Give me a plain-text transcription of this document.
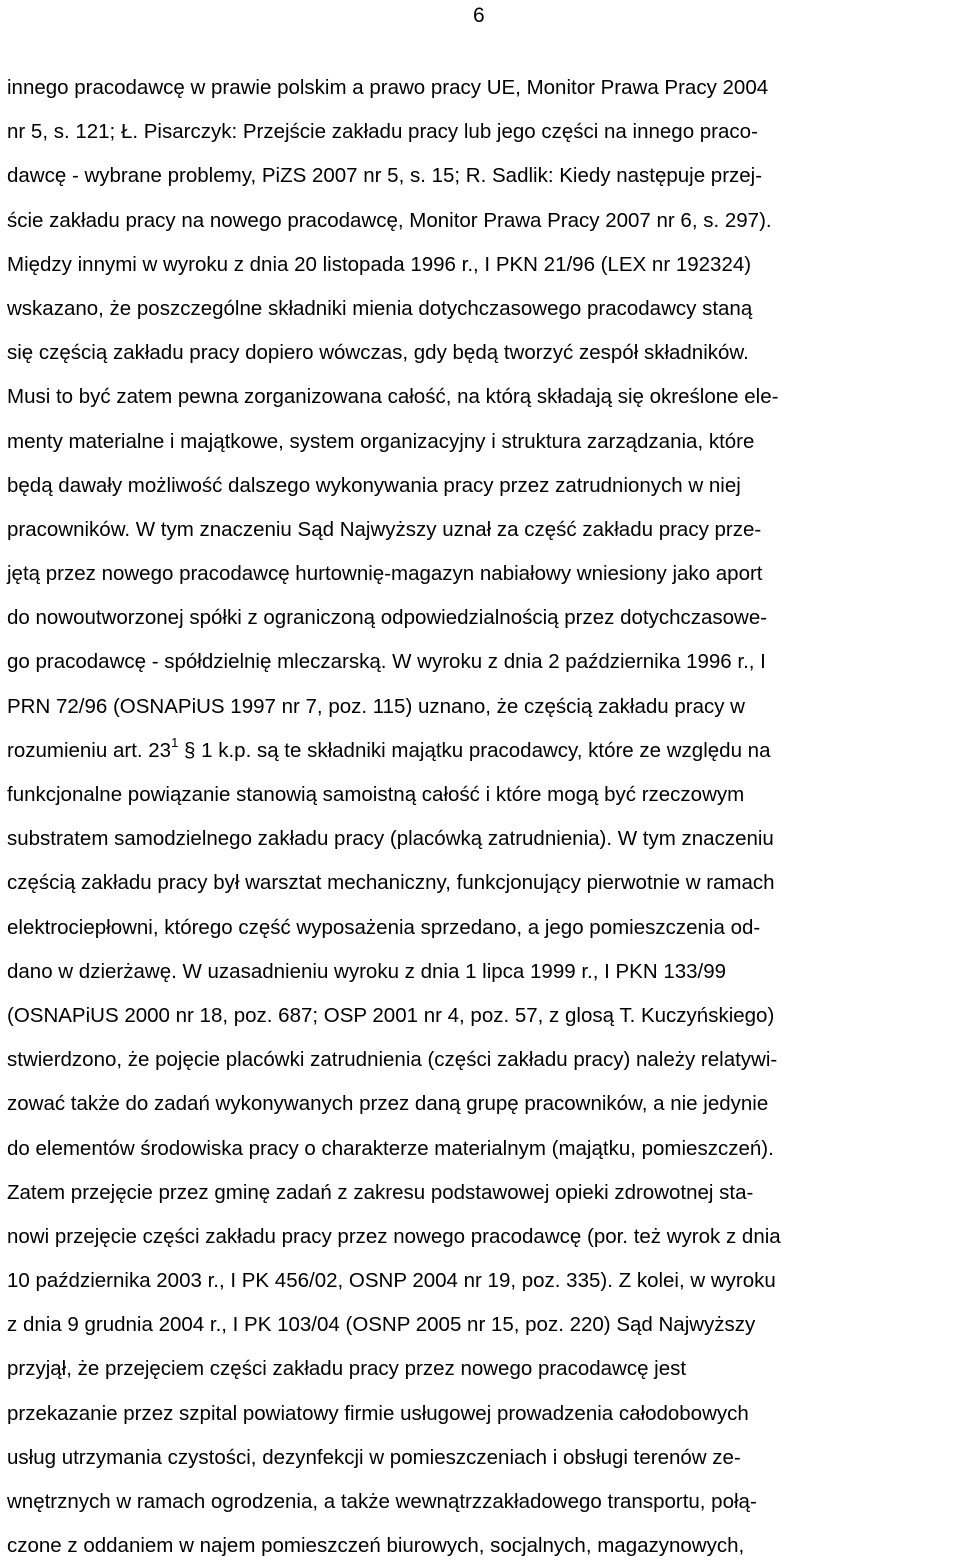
6
innego pracodawcę w prawie polskim a prawo pracy UE, Monitor Prawa Pracy 2004
nr 5, s. 121; Ł. Pisarczyk: Przejście zakładu pracy lub jego części na innego praco-
dawcę - wybrane problemy, PiZS 2007 nr 5, s. 15; R. Sadlik: Kiedy następuje przej-
ście zakładu pracy na nowego pracodawcę, Monitor Prawa Pracy 2007 nr 6, s. 297).
Między innymi w wyroku z dnia 20 listopada 1996 r., I PKN 21/96 (LEX nr 192324)
wskazano, że poszczególne składniki mienia dotychczasowego pracodawcy staną
się częścią zakładu pracy dopiero wówczas, gdy będą tworzyć zespół składników.
Musi to być zatem pewna zorganizowana całość, na którą składają się określone ele-
menty materialne i majątkowe, system organizacyjny i struktura zarządzania, które
będą dawały możliwość dalszego wykonywania pracy przez zatrudnionych w niej
pracowników. W tym znaczeniu Sąd Najwyższy uznał za część zakładu pracy prze-
jętą przez nowego pracodawcę hurtownię-magazyn nabiałowy wniesiony jako aport
do nowoutworzonej spółki z ograniczoną odpowiedzialnością przez dotychczasowe-
go pracodawcę - spółdzielnię mleczarską. W wyroku z dnia 2 października 1996 r., I
PRN 72/96 (OSNAPiUS 1997 nr 7, poz. 115) uznano, że częścią zakładu pracy w
rozumieniu art. $23^1$ § 1 k.p. są te składniki majątku pracodawcy, które ze względu na
funkcjonalne powiązanie stanowią samoistną całość i które mogą być rzeczowym
substratem samodzielnego zakładu pracy (placówką zatrudnienia). W tym znaczeniu
częścią zakładu pracy był warsztat mechaniczny, funkcjonujący pierwotnie w ramach
elektrociepłowni, którego część wyposażenia sprzedano, a jego pomieszczenia od-
dano w dzierżawę. W uzasadnieniu wyroku z dnia 1 lipca 1999 r., I PKN 133/99
(OSNAPiUS 2000 nr 18, poz. 687; OSP 2001 nr 4, poz. 57, z glosą T. Kuczyńskiego)
stwierdzono, że pojęcie placówki zatrudnienia (części zakładu pracy) należy relatywi-
zować także do zadań wykonywanych przez daną grupę pracowników, a nie jedynie
do elementów środowiska pracy o charakterze materialnym (majątku, pomieszczeń).
Zatem przejęcie przez gminę zadań z zakresu podstawowej opieki zdrowotnej sta-
nowi przejęcie części zakładu pracy przez nowego pracodawcę (por. też wyrok z dnia
10 października 2003 r., I PK 456/02, OSNP 2004 nr 19, poz. 335). Z kolei, w wyroku
z dnia 9 grudnia 2004 r., I PK 103/04 (OSNP 2005 nr 15, poz. 220) Sąd Najwyższy
przyjął, że przejęciem części zakładu pracy przez nowego pracodawcę jest
przekazanie przez szpital powiatowy firmie usługowej prowadzenia całodobowych
usług utrzymania czystości, dezynfekcji w pomieszczeniach i obsługi terenów ze-
wnętrznych w ramach ogrodzenia, a także wewnątrzzakładowego transportu, połą-
czone z oddaniem w najem pomieszczeń biurowych, socjalnych, magazynowych,
